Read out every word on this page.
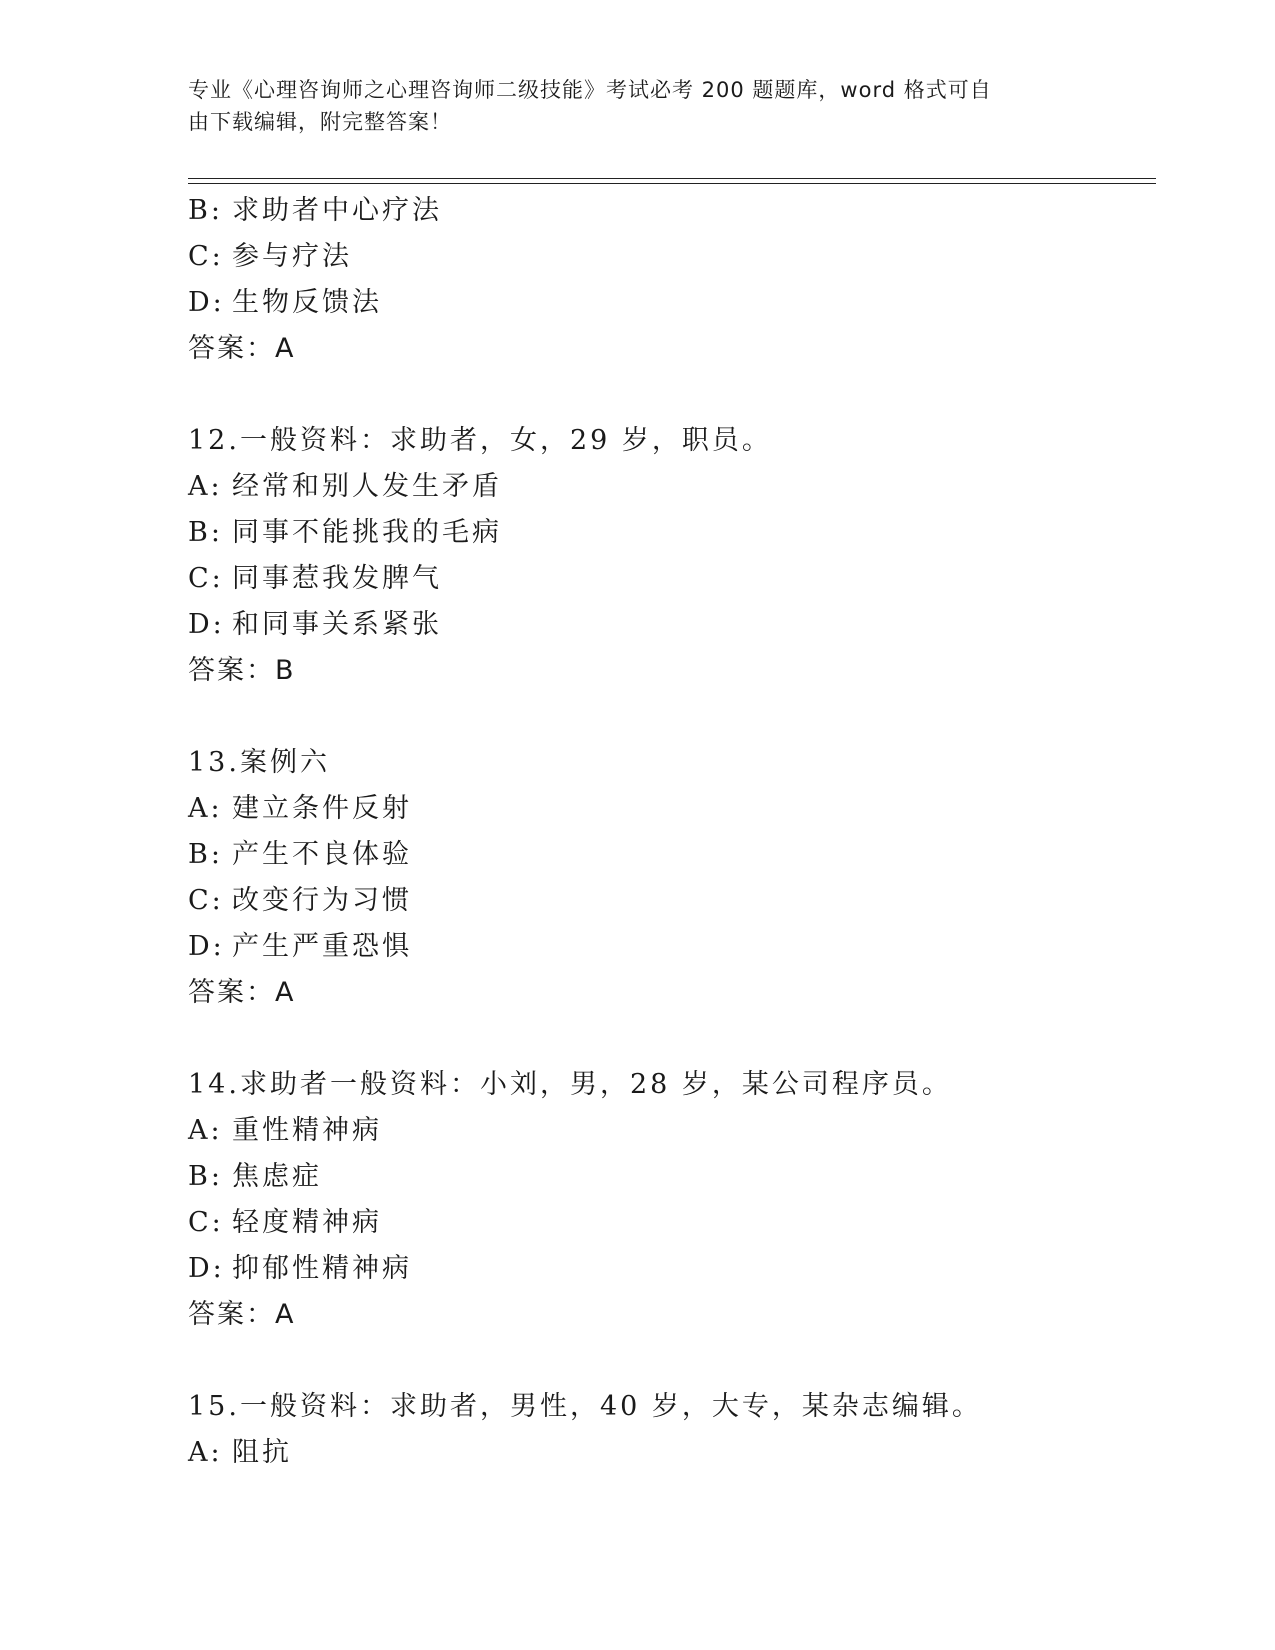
专业《心理咨询师之心理咨询师二级技能》考试必考 200 题题库，word 格式可自
由下载编辑，附完整答案！
B: 求助者中心疗法
C: 参与疗法
D: 生物反馈法
答案：A
12.一般资料：求助者，女，29 岁，职员。
A: 经常和别人发生矛盾
B: 同事不能挑我的毛病
C: 同事惹我发脾气
D: 和同事关系紧张
答案：B
13.案例六
A: 建立条件反射
B: 产生不良体验
C: 改变行为习惯
D: 产生严重恐惧
答案：A
14.求助者一般资料：小刘，男，28 岁，某公司程序员。
A: 重性精神病
B: 焦虑症
C: 轻度精神病
D: 抑郁性精神病
答案：A
15.一般资料：求助者，男性，40 岁，大专，某杂志编辑。
A: 阻抗
